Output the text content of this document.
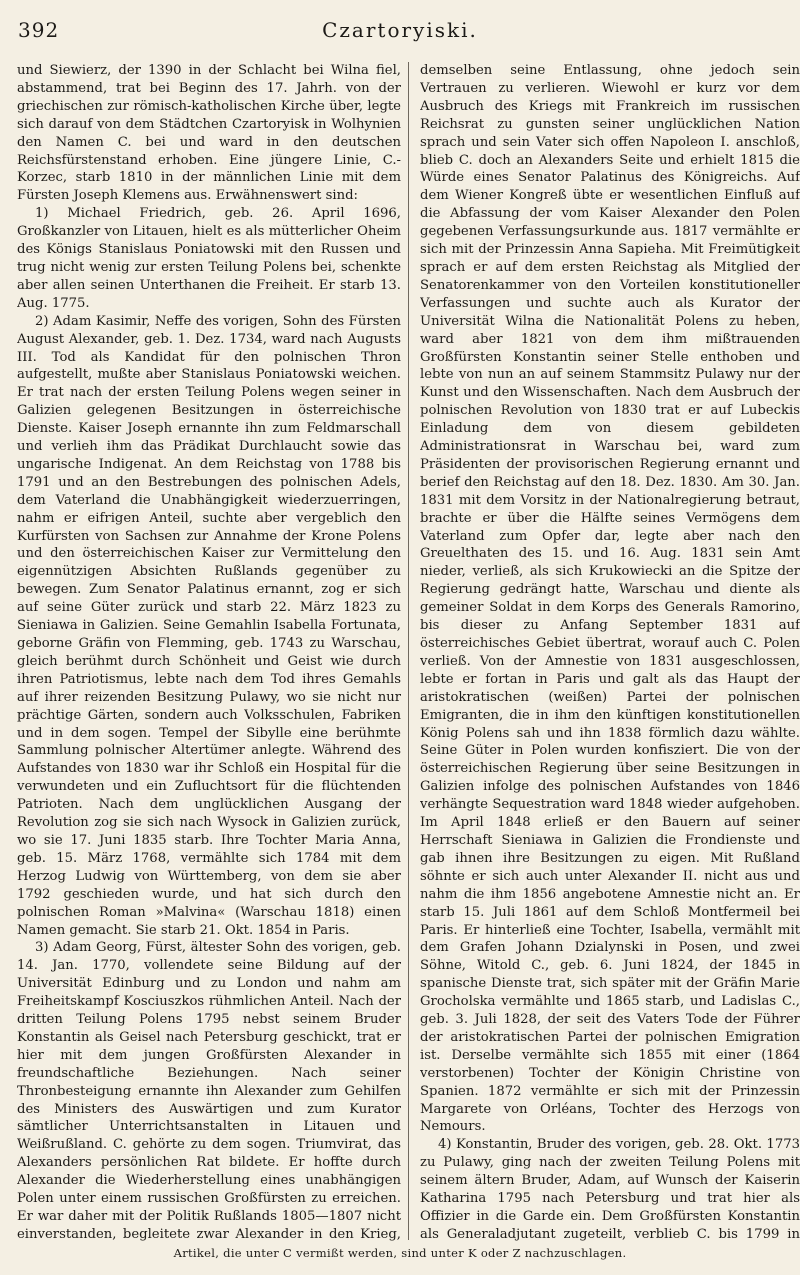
392	Czartoryiski.

und Siewierz, der 1390 in der Schlacht bei Wilna fiel, abstammend, trat bei Beginn des 17. Jahrh. von der griechischen zur römisch-katholischen Kirche über, legte sich darauf von dem Städtchen Czartoryisk in Wolhynien den Namen C. bei und ward in den deutschen Reichsfürstenstand erhoben. Eine jüngere Linie, C.-Korzec, starb 1810 in der männlichen Linie mit dem Fürsten Joseph Klemens aus. Erwähnenswert sind:

1) Michael Friedrich, geb. 26. April 1696, Großkanzler von Litauen, hielt es als mütterlicher Oheim des Königs Stanislaus Poniatowski mit den Russen und trug nicht wenig zur ersten Teilung Polens bei, schenkte aber allen seinen Unterthanen die Freiheit. Er starb 13. Aug. 1775.

2) Adam Kasimir, Neffe des vorigen, Sohn des Fürsten August Alexander, geb. 1. Dez. 1734, ward nach Augusts III. Tod als Kandidat für den polnischen Thron aufgestellt, mußte aber Stanislaus Poniatowski weichen. Er trat nach der ersten Teilung Polens wegen seiner in Galizien gelegenen Besitzungen in österreichische Dienste. Kaiser Joseph ernannte ihn zum Feldmarschall und verlieh ihm das Prädikat Durchlaucht sowie das ungarische Indigenat. An dem Reichstag von 1788 bis 1791 und an den Bestrebungen des polnischen Adels, dem Vaterland die Unabhängigkeit wiederzuerringen, nahm er eifrigen Anteil, suchte aber vergeblich den Kurfürsten von Sachsen zur Annahme der Krone Polens und den österreichischen Kaiser zur Vermittelung den eigennützigen Absichten Rußlands gegenüber zu bewegen. Zum Senator Palatinus ernannt, zog er sich auf seine Güter zurück und starb 22. März 1823 zu Sieniawa in Galizien. Seine Gemahlin Isabella Fortunata, geborne Gräfin von Flemming, geb. 1743 zu Warschau, gleich berühmt durch Schönheit und Geist wie durch ihren Patriotismus, lebte nach dem Tod ihres Gemahls auf ihrer reizenden Besitzung Pulawy, wo sie nicht nur prächtige Gärten, sondern auch Volksschulen, Fabriken und in dem sogen. Tempel der Sibylle eine berühmte Sammlung polnischer Altertümer anlegte. Während des Aufstandes von 1830 war ihr Schloß ein Hospital für die verwundeten und ein Zufluchtsort für die flüchtenden Patrioten. Nach dem unglücklichen Ausgang der Revolution zog sie sich nach Wysock in Galizien zurück, wo sie 17. Juni 1835 starb. Ihre Tochter Maria Anna, geb. 15. März 1768, vermählte sich 1784 mit dem Herzog Ludwig von Württemberg, von dem sie aber 1792 geschieden wurde, und hat sich durch den polnischen Roman »Malvina« (Warschau 1818) einen Namen gemacht. Sie starb 21. Okt. 1854 in Paris.

3) Adam Georg, Fürst, ältester Sohn des vorigen, geb. 14. Jan. 1770, vollendete seine Bildung auf der Universität Edinburg und zu London und nahm am Freiheitskampf Kosciuszkos rühmlichen Anteil. Nach der dritten Teilung Polens 1795 nebst seinem Bruder Konstantin als Geisel nach Petersburg geschickt, trat er hier mit dem jungen Großfürsten Alexander in freundschaftliche Beziehungen. Nach seiner Thronbesteigung ernannte ihn Alexander zum Gehilfen des Ministers des Auswärtigen und zum Kurator sämtlicher Unterrichtsanstalten in Litauen und Weißrußland. C. gehörte zu dem sogen. Triumvirat, das Alexanders persönlichen Rat bildete. Er hoffte durch Alexander die Wiederherstellung eines unabhängigen Polen unter einem russischen Großfürsten zu erreichen. Er war daher mit der Politik Rußlands 1805—1807 nicht einverstanden, begleitete zwar Alexander in den Krieg,

demselben seine Entlassung, ohne jedoch sein Vertrauen zu verlieren. Wiewohl er kurz vor dem Ausbruch des Kriegs mit Frankreich im russischen Reichsrat zu gunsten seiner unglücklichen Nation sprach und sein Vater sich offen Napoleon I. anschloß, blieb C. doch an Alexanders Seite und erhielt 1815 die Würde eines Senator Palatinus des Königreichs. Auf dem Wiener Kongreß übte er wesentlichen Einfluß auf die Abfassung der vom Kaiser Alexander den Polen gegebenen Verfassungsurkunde aus. 1817 vermählte er sich mit der Prinzessin Anna Sapieha. Mit Freimütigkeit sprach er auf dem ersten Reichstag als Mitglied der Senatorenkammer von den Vorteilen konstitutioneller Verfassungen und suchte auch als Kurator der Universität Wilna die Nationalität Polens zu heben, ward aber 1821 von dem ihm mißtrauenden Großfürsten Konstantin seiner Stelle enthoben und lebte von nun an auf seinem Stammsitz Pulawy nur der Kunst und den Wissenschaften. Nach dem Ausbruch der polnischen Revolution von 1830 trat er auf Lubeckis Einladung dem von diesem gebildeten Administrationsrat in Warschau bei, ward zum Präsidenten der provisorischen Regierung ernannt und berief den Reichstag auf den 18. Dez. 1830. Am 30. Jan. 1831 mit dem Vorsitz in der Nationalregierung betraut, brachte er über die Hälfte seines Vermögens dem Vaterland zum Opfer dar, legte aber nach den Greuelthaten des 15. und 16. Aug. 1831 sein Amt nieder, verließ, als sich Krukowiecki an die Spitze der Regierung gedrängt hatte, Warschau und diente als gemeiner Soldat in dem Korps des Generals Ramorino, bis dieser zu Anfang September 1831 auf österreichisches Gebiet übertrat, worauf auch C. Polen verließ. Von der Amnestie von 1831 ausgeschlossen, lebte er fortan in Paris und galt als das Haupt der aristokratischen (weißen) Partei der polnischen Emigranten, die in ihm den künftigen konstitutionellen König Polens sah und ihn 1838 förmlich dazu wählte. Seine Güter in Polen wurden konfisziert. Die von der österreichischen Regierung über seine Besitzungen in Galizien infolge des polnischen Aufstandes von 1846 verhängte Sequestration ward 1848 wieder aufgehoben. Im April 1848 erließ er den Bauern auf seiner Herrschaft Sieniawa in Galizien die Frondienste und gab ihnen ihre Besitzungen zu eigen. Mit Rußland söhnte er sich auch unter Alexander II. nicht aus und nahm die ihm 1856 angebotene Amnestie nicht an. Er starb 15. Juli 1861 auf dem Schloß Montfermeil bei Paris. Er hinterließ eine Tochter, Isabella, vermählt mit dem Grafen Johann Dzialynski in Posen, und zwei Söhne, Witold C., geb. 6. Juni 1824, der 1845 in spanische Dienste trat, sich später mit der Gräfin Marie Grocholska vermählte und 1865 starb, und Ladislas C., geb. 3. Juli 1828, der seit des Vaters Tode der Führer der aristokratischen Partei der polnischen Emigration ist. Derselbe vermählte sich 1855 mit einer (1864 verstorbenen) Tochter der Königin Christine von Spanien. 1872 vermählte er sich mit der Prinzessin Margarete von Orléans, Tochter des Herzogs von Nemours.

4) Konstantin, Bruder des vorigen, geb. 28. Okt. 1773 zu Pulawy, ging nach der zweiten Teilung Polens mit seinem ältern Bruder, Adam, auf Wunsch der Kaiserin Katharina 1795 nach Petersburg und trat hier als Offizier in die Garde ein. Dem Großfürsten Konstantin als Generaladjutant zugeteilt, verblieb C. bis 1799 in

Artikel, die unter C vermißt werden, sind unter K oder Z nachzuschlagen.
